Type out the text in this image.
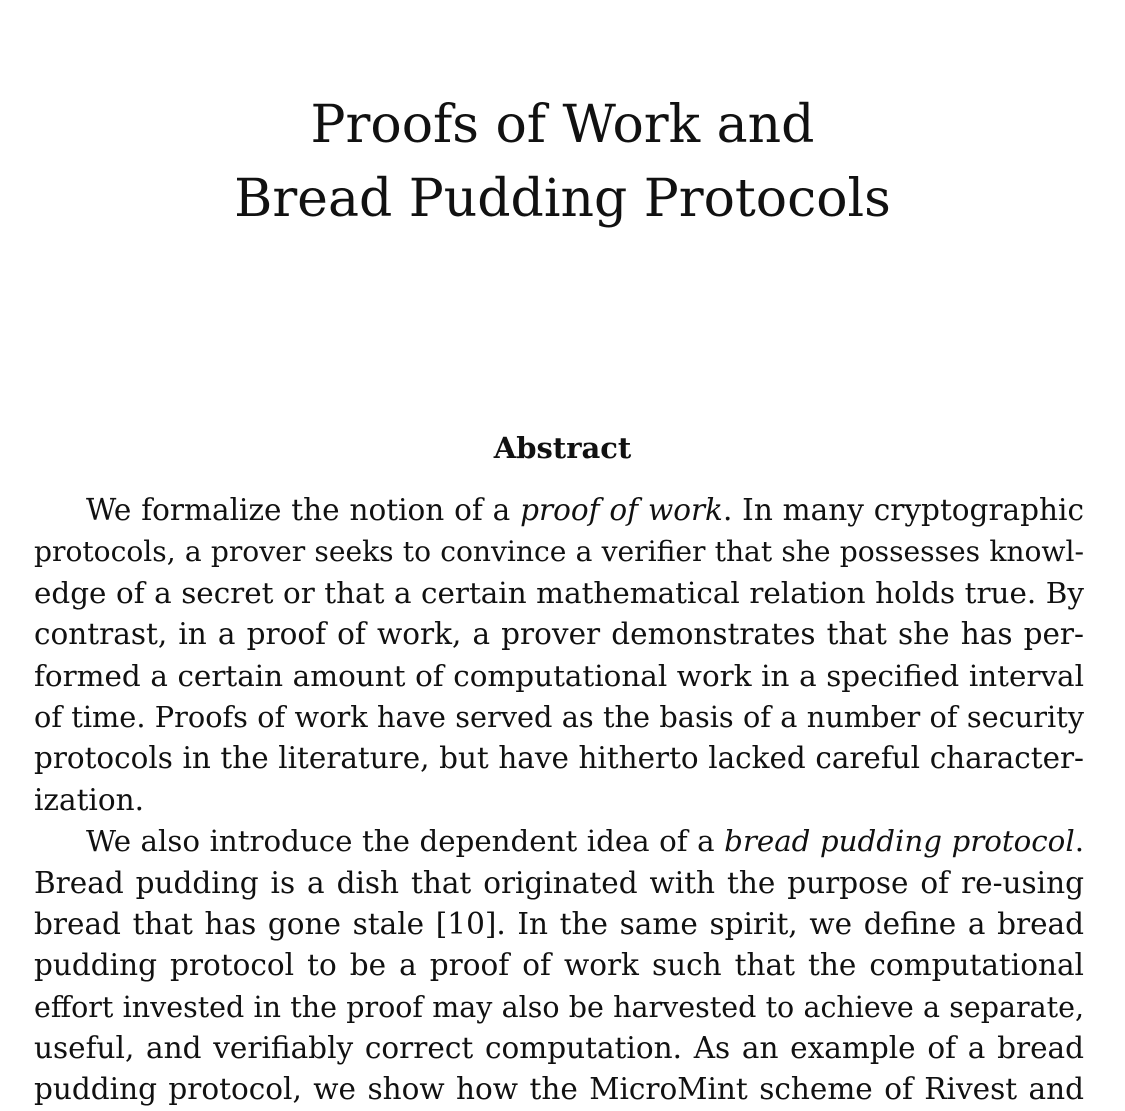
Proofs of Work and
Bread Pudding Protocols
Abstract
We formalize the notion of a proof of work. In many cryptographic
protocols, a prover seeks to convince a verifier that she possesses knowl-
edge of a secret or that a certain mathematical relation holds true. By
contrast, in a proof of work, a prover demonstrates that she has per-
formed a certain amount of computational work in a specified interval
of time. Proofs of work have served as the basis of a number of security
protocols in the literature, but have hitherto lacked careful character-
ization.
We also introduce the dependent idea of a bread pudding protocol.
Bread pudding is a dish that originated with the purpose of re-using
bread that has gone stale [10]. In the same spirit, we define a bread
pudding protocol to be a proof of work such that the computational
effort invested in the proof may also be harvested to achieve a separate,
useful, and verifiably correct computation. As an example of a bread
pudding protocol, we show how the MicroMint scheme of Rivest and
